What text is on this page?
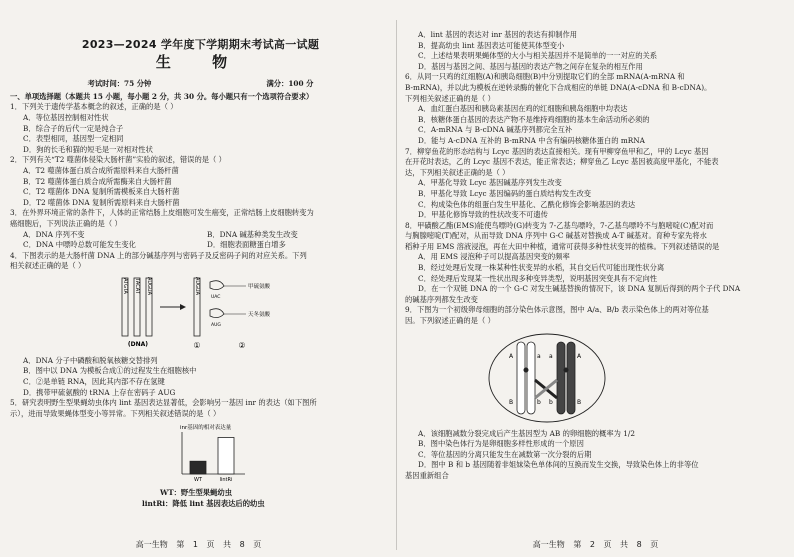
2023—2024 学年度下学期期末考试高一试题
生 物
考试时间：75 分钟	满分：100 分
一、单项选择题（本题共 15 小题，每小题 2 分，共 30 分。每小题只有一个选项符合要求）
1．下列关于遗传学基本概念的叙述，正确的是（ ）
A．等位基因控制相对性状
B．综合子的后代一定是纯合子
C．表型相同，基因型一定相同
D．狗的长毛和猫的短毛是一对相对性状
2．下列有关“T2 噬菌体侵染大肠杆菌”实验的叙述，错误的是（ ）
A．T2 噬菌体蛋白质合成所需原料来自大肠杆菌
B．T2 噬菌体蛋白质合成所需酶来自大肠杆菌
C．T2 噬菌体 DNA 复制所需模板来自大肠杆菌
D．T2 噬菌体 DNA 复制所需原料来自大肠杆菌
3．在外界环境正常的条件下，人体的正常结肠上皮细胞可发生癌变，正常结肠上皮细胞转变为
癌细胞后，下列说法正确的是（ ）
A．DNA 序列不变	B．DNA 碱基种类发生改变
C．DNA 中嘌呤总数可能发生变化	D．细胞表面糖蛋白增多
4．下图表示的是大肠杆菌 DNA 上的部分碱基序列与密码子及反密码子间的对应关系。下列
相关叙述正确的是（ ）
ATGTA TACAT AUGUA
(DNA)
AUGUA	甲硫氨酸
天冬氨酸
UAC
AUG
①	②
A．DNA 分子中磷酸和脱氧核糖交替排列
B．图中以 DNA 为模板合成①的过程发生在细胞核中
C．②是单链 RNA，因此其内部不存在氢键
D．携带甲硫氨酸的 tRNA 上存在密码子 AUG
5．研究表明野生型果蝇幼虫体内 lint 基因表达显著低，会影响另一基因 inr 的表达（如下图所
示），进而导致果蝇体型变小等异常。下列相关叙述错误的是（ ）
inr基因的相对表达量
WT	lintRi
WT：野生型果蝇幼虫
lintRi：降低 lint 基因表达后的幼虫
高一生物 第 1 页 共 8 页
A．lint 基因的表达对 inr 基因的表达有抑制作用
B．提高幼虫 lint 基因表达可能使其体型变小
C．上述结果表明果蝇体型的大小与相关基因并不是简单的一一对应的关系
D．基因与基因之间、基因与基因的表达产物之间存在复杂的相互作用
6．从同一只鸡的红细胞(A)和胰岛细胞(B)中分别提取它们的全部 mRNA(A-mRNA 和
B-mRNA)，并以此为模板在逆转录酶的催化下合成相应的单链 DNA(A-cDNA 和 B-cDNA)。
下列相关叙述正确的是（ ）
A．血红蛋白基因和胰岛素基因在鸡的红细胞和胰岛细胞中均表达
B．核糖体蛋白基因的表达产物不是维持鸡细胞的基本生命活动所必须的
C．A-mRNA 与 B-cDNA 碱基序列都完全互补
D．能与 A-cDNA 互补的 B-mRNA 中含有编码核糖体蛋白的 mRNA
7．柳穿鱼花的形态结构与 Lcyc 基因的表达直接相关。现有甲柳穿鱼甲和乙，甲的 Lcyc 基因
在开花时表达，乙的 Lcyc 基因不表达，能正常表达；柳穿鱼乙 Lcyc 基因被高度甲基化，不能表
达，下列相关叙述正确的是（ ）
A．甲基化导致 Lcyc 基因碱基序列发生改变
B．甲基化导致 Lcyc 基因编码的蛋白质结构发生改变
C．构成染色体的组蛋白发生甲基化、乙酰化修饰会影响基因的表达
D．甲基化修饰导致的性状改变不可遗传
8．甲磺酸乙酯(EMS)能使鸟嘌呤(G)转变为 7-乙基鸟嘌呤，7-乙基鸟嘌呤不与胞嘧啶(C)配对而
与胸腺嘧啶(T)配对，从而导致 DNA 序列中 G-C 碱基对替换成 A-T 碱基对。育种专家先将水
稻种子用 EMS 溶液浸泡，再在大田中种植，通常可获得多种性状变异的植株。下列叙述错误的是
A．用 EMS 浸泡种子可以提高基因突变的频率
B．经过处理后发现一株某种性状变异的水稻，其自交后代可能出现性状分离
C．经处理后发现某一性状出现多种变异类型，说明基因突变具有不定向性
D．在一个双链 DNA 的一个 G-C 对发生碱基替换的情况下，该 DNA 复制后得到的两个子代 DNA
的碱基序列都发生改变
9．下图为一个初级卵母细胞的部分染色体示意图，图中 A/a、B/b 表示染色体上的两对等位基
因。下列叙述正确的是（ ）
A	a a	A
B	b b	B
A．该细胞减数分裂完成后产生基因型为 AB 的卵细胞的概率为 1/2
B．图中染色体行为是卵细胞多样性形成的一个原因
C．等位基因的分离只能发生在减数第一次分裂的后期
D．图中 B 和 b 基因随着非姐妹染色单体间的互换而发生交换，导致染色体上的非等位
基因重新组合
高一生物 第 2 页 共 8 页
